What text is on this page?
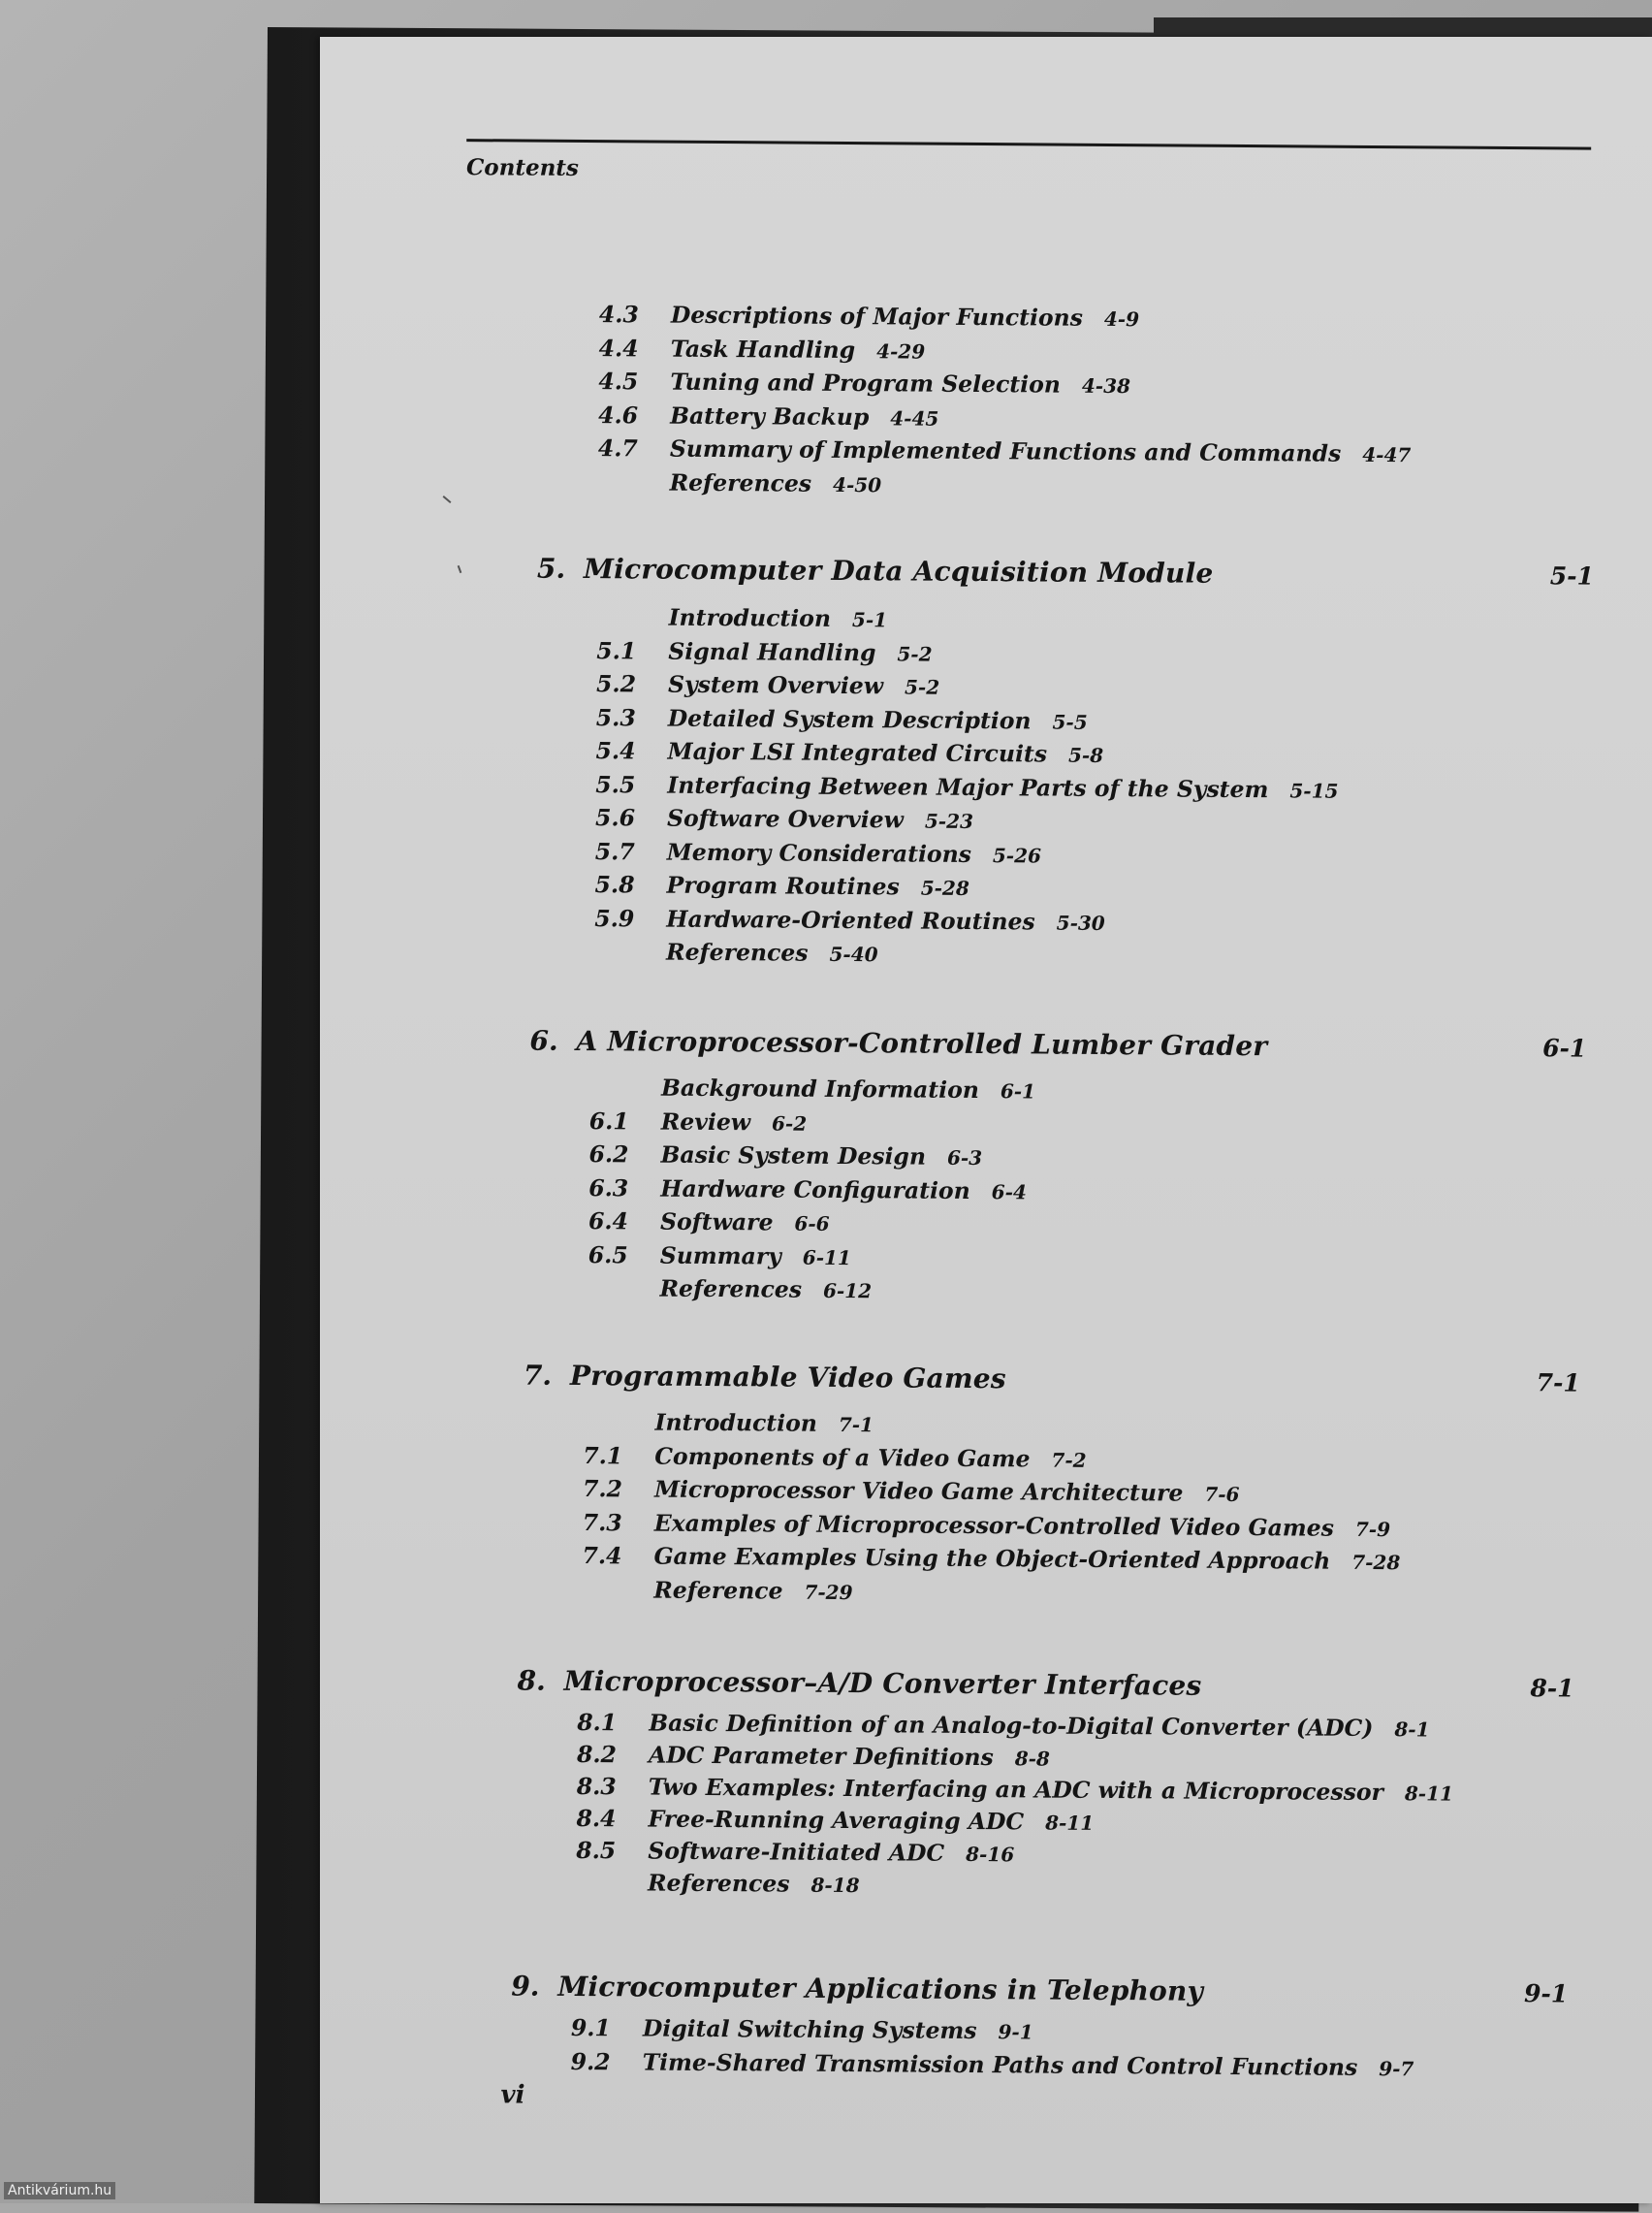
Contents
4.3 Descriptions of Major Functions 4-9
4.4 Task Handling 4-29
4.5 Tuning and Program Selection 4-38
4.6 Battery Backup 4-45
4.7 Summary of Implemented Functions and Commands 4-47
References 4-50
5. Microcomputer Data Acquisition Module	5-1
Introduction 5-1
5.1 Signal Handling 5-2
5.2 System Overview 5-2
5.3 Detailed System Description 5-5
5.4 Major LSI Integrated Circuits 5-8
5.5 Interfacing Between Major Parts of the System 5-15
5.6 Software Overview 5-23
5.7 Memory Considerations 5-26
5.8 Program Routines 5-28
5.9 Hardware-Oriented Routines 5-30
References 5-40
6. A Microprocessor-Controlled Lumber Grader	6-1
Background Information 6-1
6.1 Review 6-2
6.2 Basic System Design 6-3
6.3 Hardware Configuration 6-4
6.4 Software 6-6
6.5 Summary 6-11
References 6-12
7. Programmable Video Games	7-1
Introduction 7-1
7.1 Components of a Video Game 7-2
7.2 Microprocessor Video Game Architecture 7-6
7.3 Examples of Microprocessor-Controlled Video Games 7-9
7.4 Game Examples Using the Object-Oriented Approach 7-28
Reference 7-29
8. Microprocessor–A/D Converter Interfaces	8-1
8.1 Basic Definition of an Analog-to-Digital Converter (ADC) 8-1
8.2 ADC Parameter Definitions 8-8
8.3 Two Examples: Interfacing an ADC with a Microprocessor 8-11
8.4 Free-Running Averaging ADC 8-11
8.5 Software-Initiated ADC 8-16
References 8-18
9. Microcomputer Applications in Telephony	9-1
9.1 Digital Switching Systems 9-1
9.2 Time-Shared Transmission Paths and Control Functions 9-7
vi
Antikvárium.hu
